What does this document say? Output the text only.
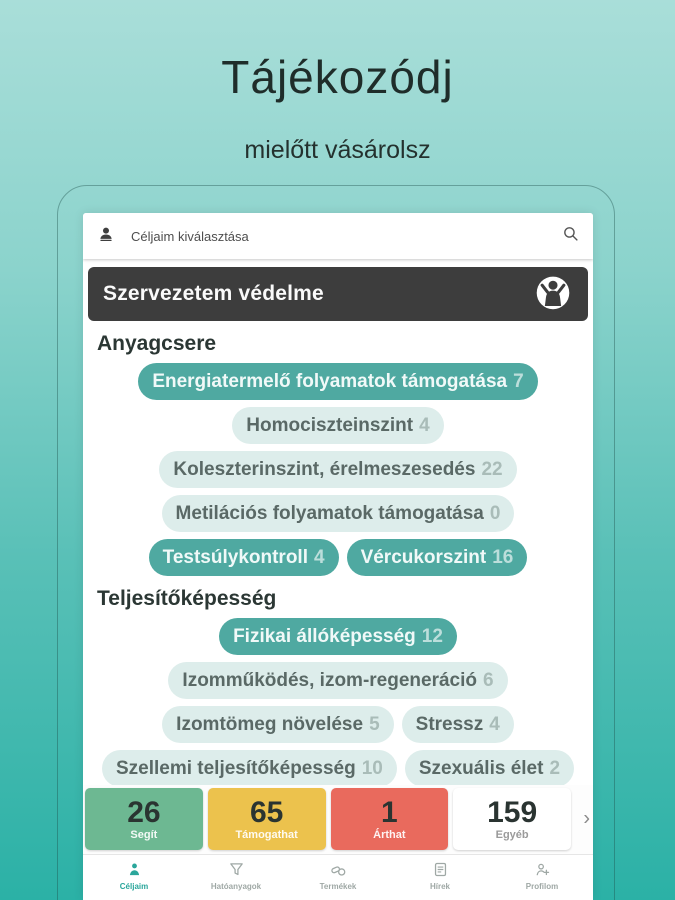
Tájékozódj
mielőtt vásárolsz
Céljaim kiválasztása
Szervezetem védelme
Anyagcsere
Energiatermelő folyamatok támogatása 7
Homociszteinszint 4
Koleszterinszint, érelmeszesedés 22
Metilációs folyamatok támogatása 0
Testsúlykontroll 4 Vércukorszint 16
Teljesítőképesség
Fizikai állóképesség 12
Izomműködés, izom-regeneráció 6
Izomtömeg növelése 5 Stressz 4
Szellemi teljesítőképesség 10 Szexuális élet 2
26
Segít
65
Támogathat
1
Árthat
159
Egyéb
›
Céljaim	Hatóanyagok	Termékek	Hírek	Profilom
